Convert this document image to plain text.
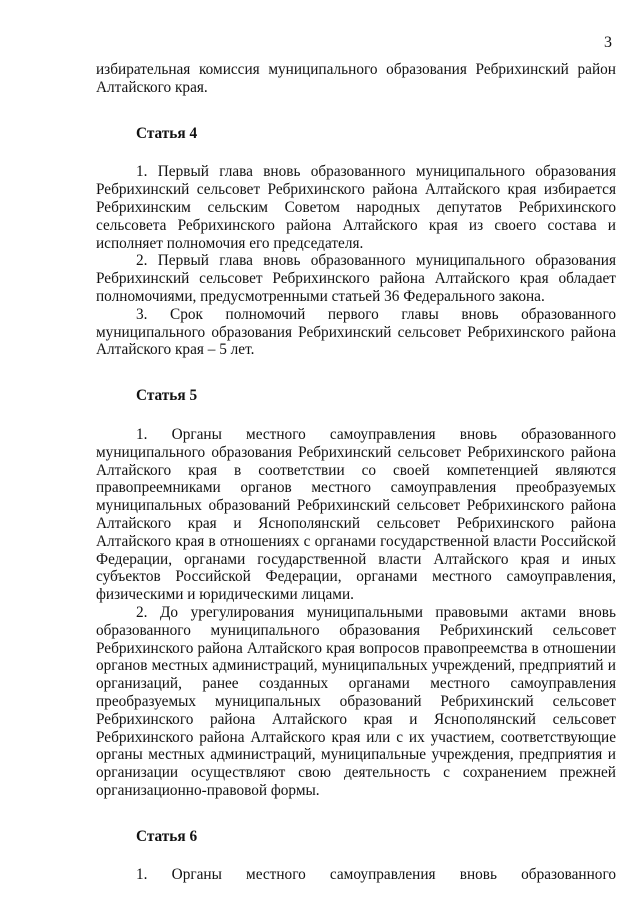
3

избирательная комиссия муниципального образования Ребрихинский район Алтайского края.

Статья 4

1. Первый глава вновь образованного муниципального образования Ребрихинский сельсовет Ребрихинского района Алтайского края избирается Ребрихинским сельским Советом народных депутатов Ребрихинского сельсовета Ребрихинского района Алтайского края из своего состава и исполняет полномочия его председателя.

2. Первый глава вновь образованного муниципального образования Ребрихинский сельсовет Ребрихинского района Алтайского края обладает полномочиями, предусмотренными статьей 36 Федерального закона.

3. Срок полномочий первого главы вновь образованного муниципального образования Ребрихинский сельсовет Ребрихинского района Алтайского края – 5 лет.

Статья 5

1. Органы местного самоуправления вновь образованного муниципального образования Ребрихинский сельсовет Ребрихинского района Алтайского края в соответствии со своей компетенцией являются правопреемниками органов местного самоуправления преобразуемых муниципальных образований Ребрихинский сельсовет Ребрихинского района Алтайского края и Яснополянский сельсовет Ребрихинского района Алтайского края в отношениях с органами государственной власти Российской Федерации, органами государственной власти Алтайского края и иных субъектов Российской Федерации, органами местного самоуправления, физическими и юридическими лицами.

2. До урегулирования муниципальными правовыми актами вновь образованного муниципального образования Ребрихинский сельсовет Ребрихинского района Алтайского края вопросов правопреемства в отношении органов местных администраций, муниципальных учреждений, предприятий и организаций, ранее созданных органами местного самоуправления преобразуемых муниципальных образований Ребрихинский сельсовет Ребрихинского района Алтайского края и Яснополянский сельсовет Ребрихинского района Алтайского края или с их участием, соответствующие органы местных администраций, муниципальные учреждения, предприятия и организации осуществляют свою деятельность с сохранением прежней организационно-правовой формы.

Статья 6

1. Органы местного самоуправления вновь образованного
